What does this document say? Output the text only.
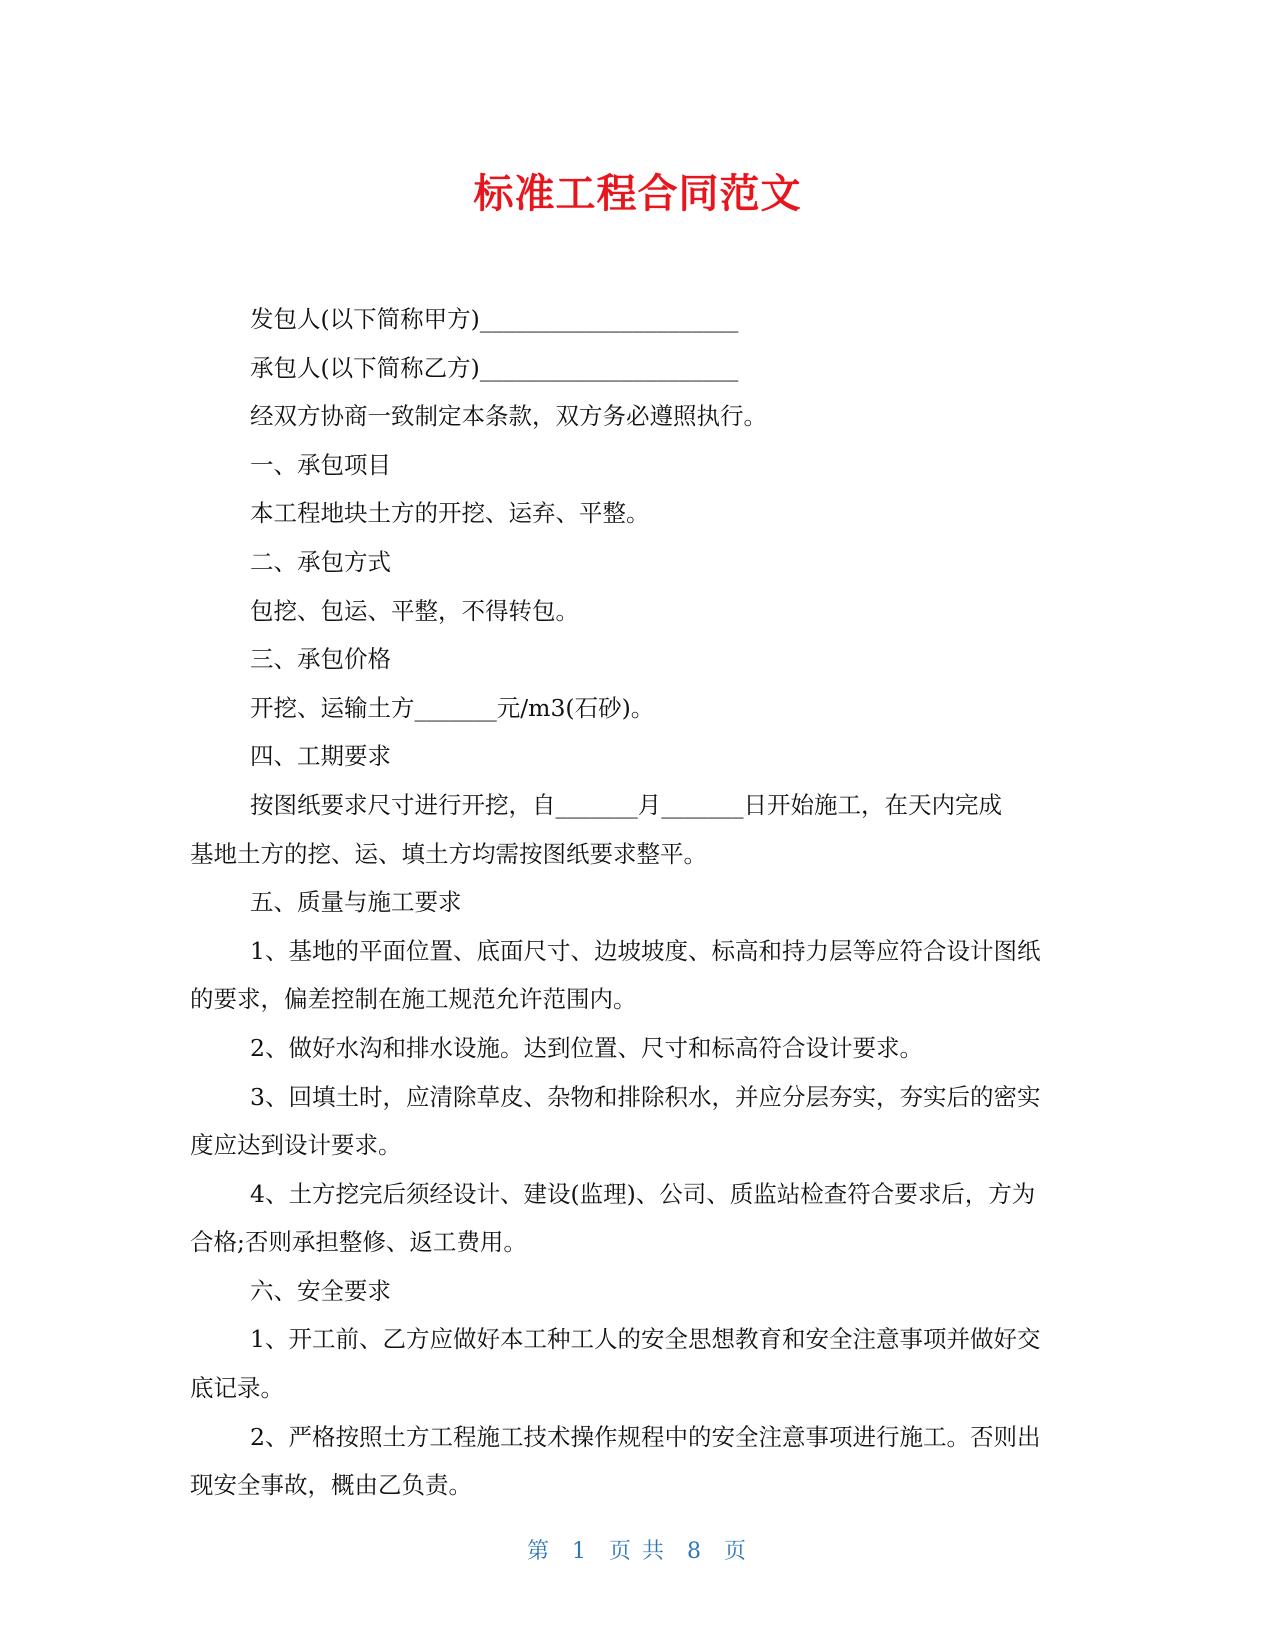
标准工程合同范文

发包人(以下简称甲方)______________________

承包人(以下简称乙方)______________________

经双方协商一致制定本条款，双方务必遵照执行。

一、承包项目

本工程地块土方的开挖、运弃、平整。

二、承包方式

包挖、包运、平整，不得转包。

三、承包价格

开挖、运输土方_______元/m3(石砂)。

四、工期要求

按图纸要求尺寸进行开挖，自_______月_______日开始施工，在天内完成

基地土方的挖、运、填土方均需按图纸要求整平。

五、质量与施工要求

1、基地的平面位置、底面尺寸、边坡坡度、标高和持力层等应符合设计图纸

的要求，偏差控制在施工规范允许范围内。

2、做好水沟和排水设施。达到位置、尺寸和标高符合设计要求。

3、回填土时，应清除草皮、杂物和排除积水，并应分层夯实，夯实后的密实

度应达到设计要求。

4、土方挖完后须经设计、建设(监理)、公司、质监站检查符合要求后，方为

合格;否则承担整修、返工费用。

六、安全要求

1、开工前、乙方应做好本工种工人的安全思想教育和安全注意事项并做好交

底记录。

2、严格按照土方工程施工技术操作规程中的安全注意事项进行施工。否则出

现安全事故，概由乙负责。

第 1 页 共 8 页
